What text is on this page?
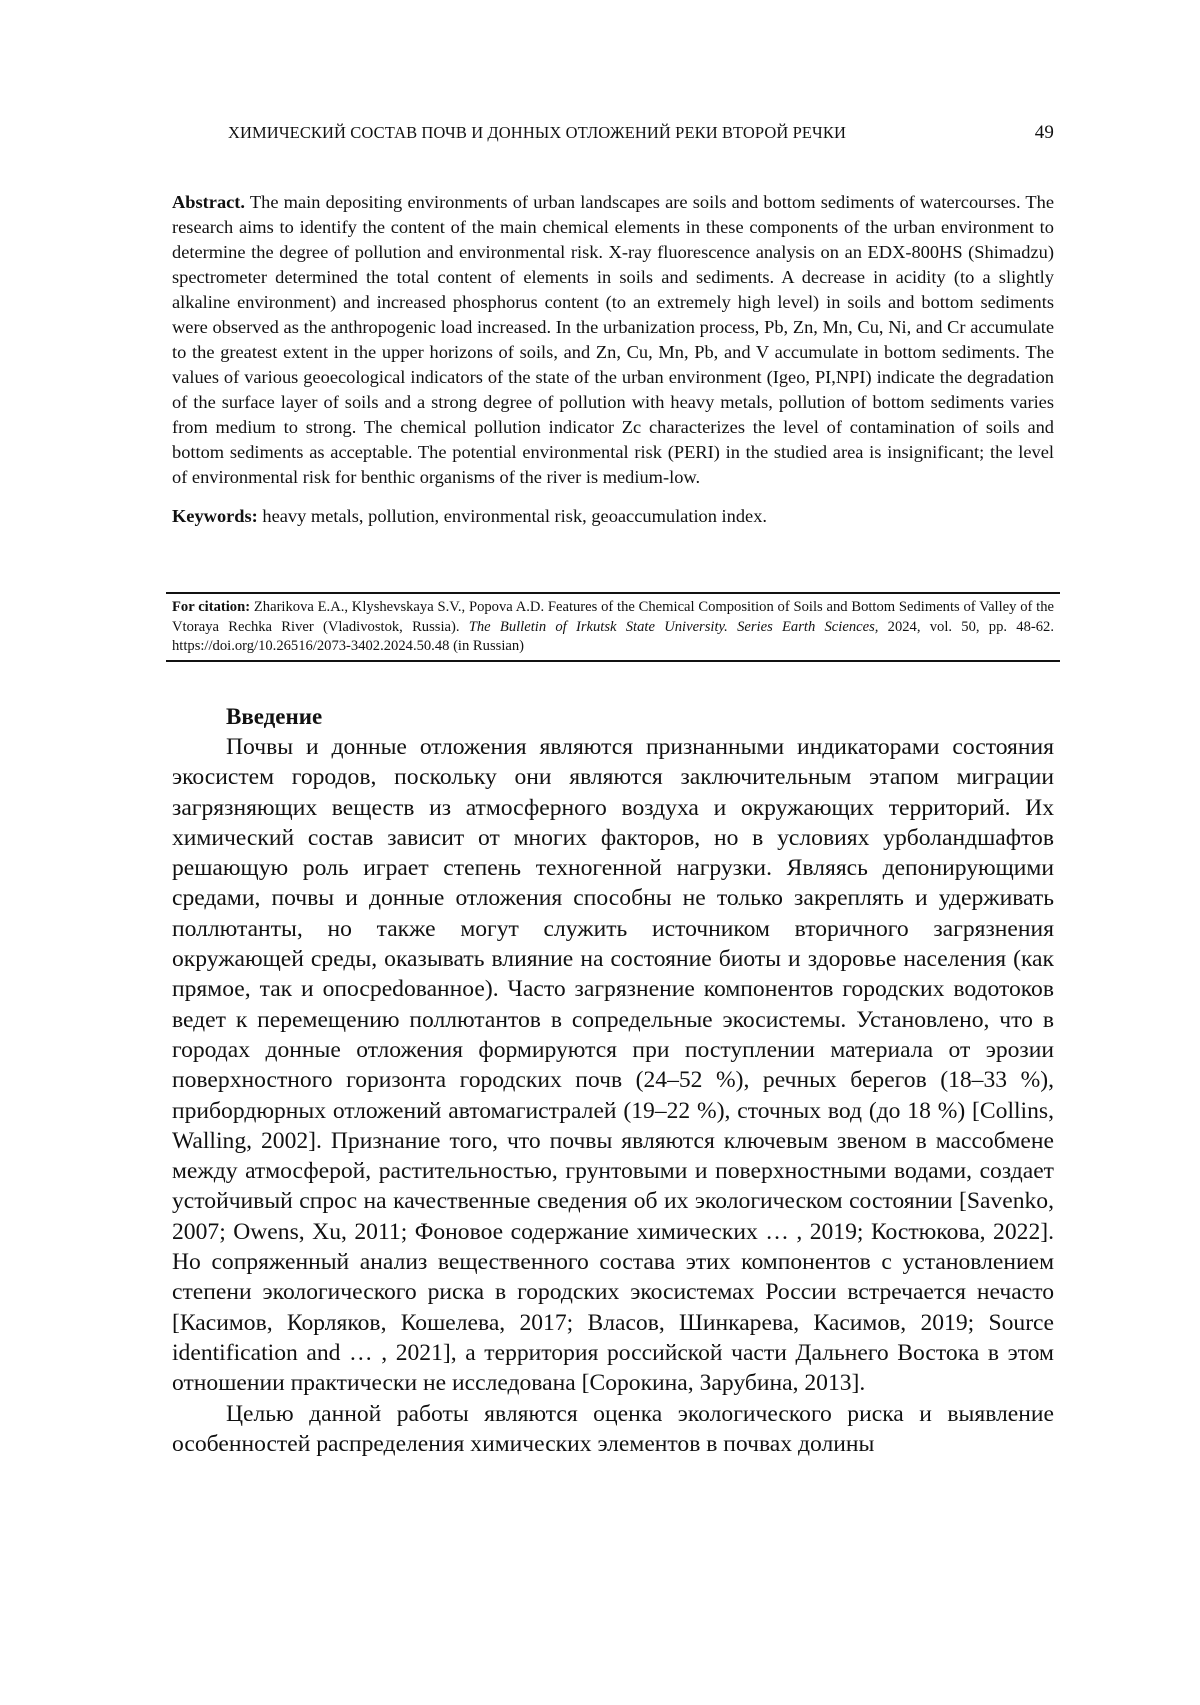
ХИМИЧЕСКИЙ СОСТАВ ПОЧВ И ДОННЫХ ОТЛОЖЕНИЙ РЕКИ ВТОРОЙ РЕЧКИ	49

Abstract. The main depositing environments of urban landscapes are soils and bottom sediments of watercourses. The research aims to identify the content of the main chemical elements in these components of the urban environment to determine the degree of pollution and environmental risk. X-ray fluorescence analysis on an EDX-800HS (Shimadzu) spectrometer determined the total content of elements in soils and sediments. A decrease in acidity (to a slightly alkaline environment) and increased phosphorus content (to an extremely high level) in soils and bottom sediments were observed as the anthropogenic load increased. In the urbanization process, Pb, Zn, Mn, Cu, Ni, and Cr accumulate to the greatest extent in the upper horizons of soils, and Zn, Cu, Mn, Pb, and V accumulate in bottom sediments. The values of various geoecological indicators of the state of the urban environment (Igeo, PI,NPI) indicate the degradation of the surface layer of soils and a strong degree of pollution with heavy metals, pollution of bottom sediments varies from medium to strong. The chemical pollution indicator Zc characterizes the level of contamination of soils and bottom sediments as acceptable. The potential environmental risk (PERI) in the studied area is insignificant; the level of environmental risk for benthic organisms of the river is medium-low.

Keywords: heavy metals, pollution, environmental risk, geoaccumulation index.

For citation: Zharikova E.A., Klyshevskaya S.V., Popova A.D. Features of the Chemical Composition of Soils and Bottom Sediments of Valley of the Vtoraya Rechka River (Vladivostok, Russia). The Bulletin of Irkutsk State University. Series Earth Sciences, 2024, vol. 50, pp. 48-62. https://doi.org/10.26516/2073-3402.2024.50.48 (in Russian)
Введение

Почвы и донные отложения являются признанными индикаторами состояния экосистем городов, поскольку они являются заключительным этапом миграции загрязняющих веществ из атмосферного воздуха и окружающих территорий. Их химический состав зависит от многих факторов, но в условиях урболандшафтов решающую роль играет степень техногенной нагрузки. Являясь депонирующими средами, почвы и донные отложения способны не только закреплять и удерживать поллютанты, но также могут служить источником вторичного загрязнения окружающей среды, оказывать влияние на состояние биоты и здоровье населения (как прямое, так и опосреdованное). Часто загрязнение компонентов городских водотоков ведет к перемещению поллютантов в сопредельные экосистемы. Установлено, что в городах донные отложения формируются при поступлении материала от эрозии поверхностного горизонта городских почв (24–52 %), речных берегов (18–33 %), прибордюрных отложений автомагистралей (19–22 %), сточных вод (до 18 %) [Collins, Walling, 2002]. Признание того, что почвы являются ключевым звеном в массобмене между атмосферой, растительностью, грунтовыми и поверхностными водами, создает устойчивый спрос на качественные сведения об их экологическом состоянии [Savenko, 2007; Owens, Xu, 2011; Фоновое содержание химических … , 2019; Костюкова, 2022]. Но сопряженный анализ вещественного состава этих компонентов с установлением степени экологического риска в городских экосистемах России встречается нечасто [Касимов, Корляков, Кошелева, 2017; Власов, Шинкарева, Касимов, 2019; Source identification and … , 2021], а территория российской части Дальнего Востока в этом отношении практически не исследована [Сорокина, Зарубина, 2013].

Целью данной работы являются оценка экологического риска и выявление особенностей распределения химических элементов в почвах долины
